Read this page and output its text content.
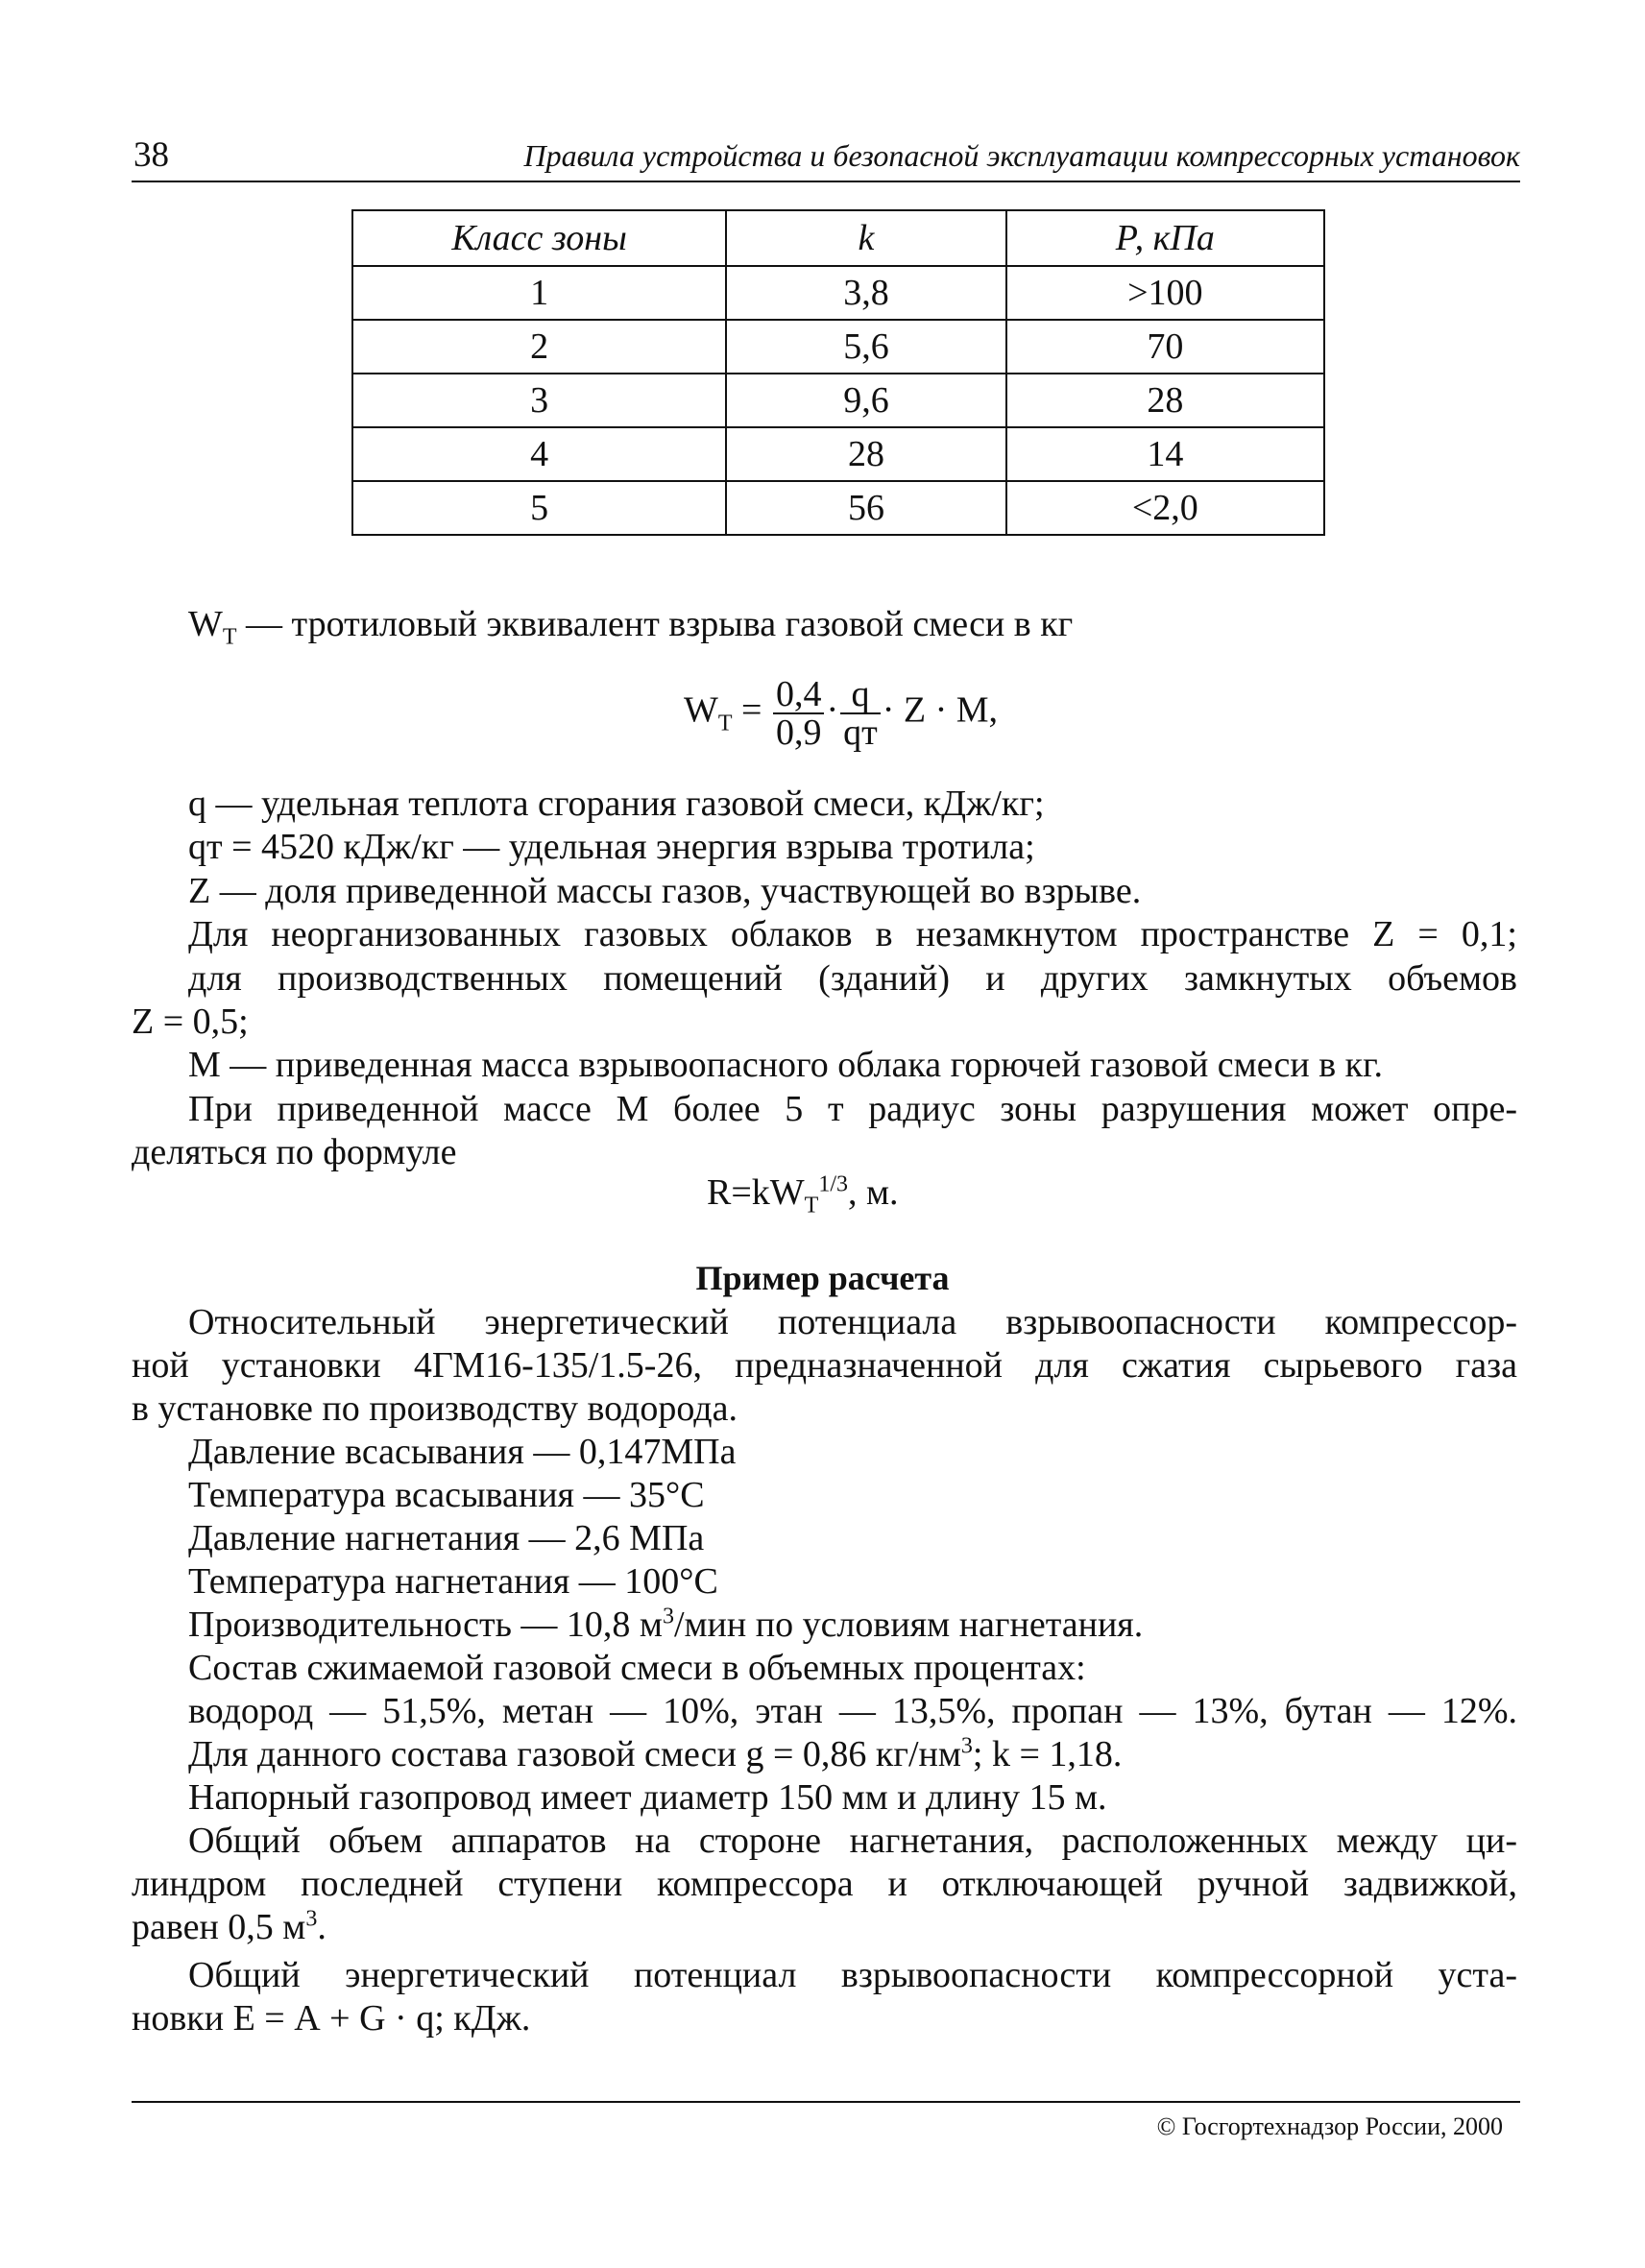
38	Правила устройства и безопасной эксплуатации компрессорных установок
Класс зоны	k	Р, кПа
1	3,8	>100
2	5,6	70
3	9,6	28
4	28	14
5	56	<2,0
$W_T$ — тротиловый эквивалент взрыва газовой смеси в кг
$W_T = \frac{0,4}{0,9} \cdot \frac{q}{qт} \cdot Z \cdot M$,
q — удельная теплота сгорания газовой смеси, кДж/кг;
qт = 4520 кДж/кг — удельная энергия взрыва тротила;
Z — доля приведенной массы газов, участвующей во взрыве.
Для неорганизованных газовых облаков в незамкнутом пространстве Z = 0,1;
для производственных помещений (зданий) и других замкнутых объемов
Z = 0,5;
М — приведенная масса взрывоопасного облака горючей газовой смеси в кг.
При приведенной массе М более 5 т радиус зоны разрушения может опре-
деляться по формуле
$R=kW_T^{1/3}$, м.
Пример расчета
Относительный энергетический потенциала взрывоопасности компрессор-
ной установки 4ГМ16-135/1.5-26, предназначенной для сжатия сырьевого газа
в установке по производству водорода.
Давление всасывания — 0,147МПа
Температура всасывания — 35°С
Давление нагнетания — 2,6 МПа
Температура нагнетания — 100°С
Производительность — 10,8 $м^3$/мин по условиям нагнетания.
Состав сжимаемой газовой смеси в объемных процентах:
водород — 51,5%, метан — 10%, этан — 13,5%, пропан — 13%, бутан — 12%.
Для данного состава газовой смеси g = 0,86 $кг/нм^3$; k = 1,18.
Напорный газопровод имеет диаметр 150 мм и длину 15 м.
Общий объем аппаратов на стороне нагнетания, расположенных между ци-
линдром последней ступени компрессора и отключающей ручной задвижкой,
равен 0,5 $м^3$.
Общий энергетический потенциал взрывоопасности компрессорной уста-
новки Е = А + G · q; кДж.
© Госгортехнадзор России, 2000
